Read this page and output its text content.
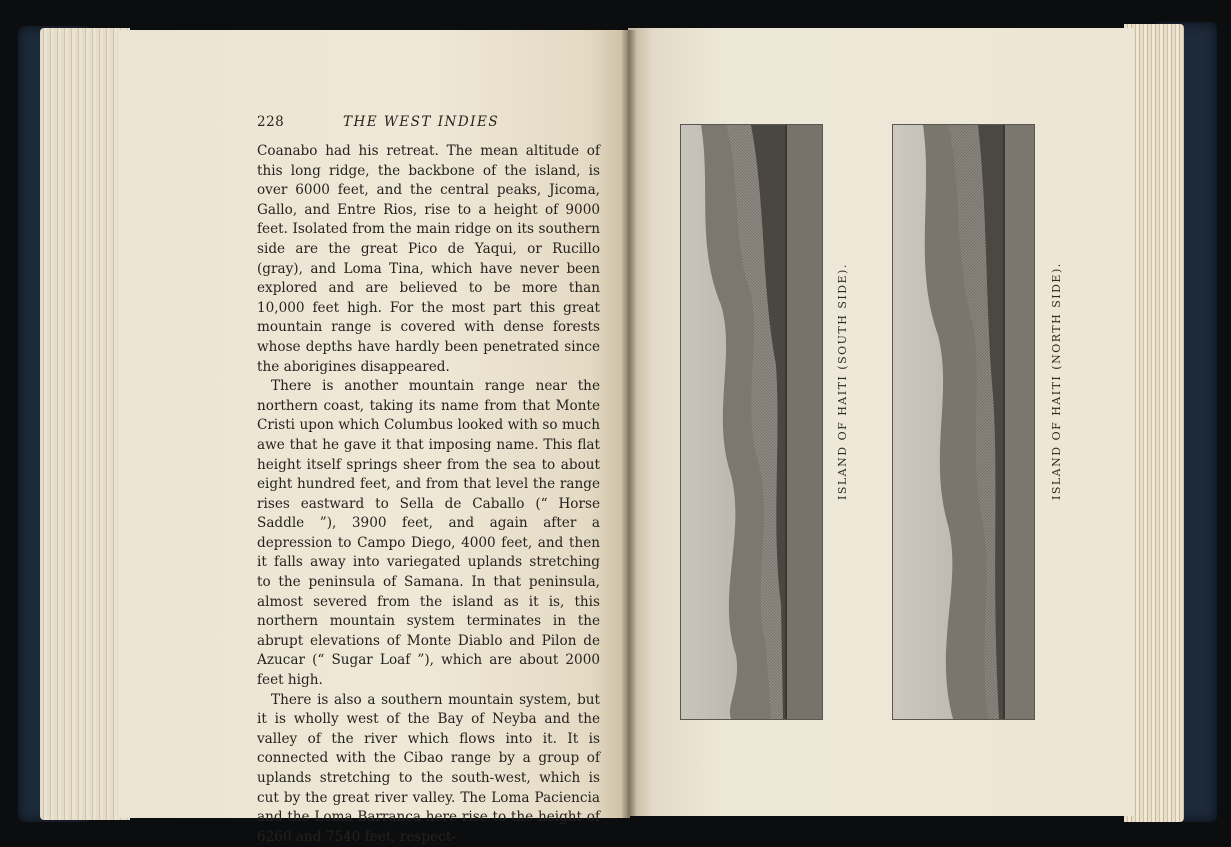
228	THE WEST INDIES

Coanabo had his retreat. The mean altitude of this long ridge, the backbone of the island, is over 6000 feet, and the central peaks, Jicoma, Gallo, and Entre Rios, rise to a height of 9000 feet. Isolated from the main ridge on its southern side are the great Pico de Yaqui, or Rucillo (gray), and Loma Tina, which have never been explored and are believed to be more than 10,000 feet high. For the most part this great mountain range is covered with dense forests whose depths have hardly been penetrated since the aborigines disappeared.

There is another mountain range near the northern coast, taking its name from that Monte Cristi upon which Columbus looked with so much awe that he gave it that imposing name. This flat height itself springs sheer from the sea to about eight hundred feet, and from that level the range rises eastward to Sella de Caballo (“ Horse Saddle ”), 3900 feet, and again after a depression to Campo Diego, 4000 feet, and then it falls away into variegated uplands stretching to the peninsula of Samana. In that peninsula, almost severed from the island as it is, this northern mountain system terminates in the abrupt elevations of Monte Diablo and Pilon de Azucar (“ Sugar Loaf ”), which are about 2000 feet high.

There is also a southern mountain system, but it is wholly west of the Bay of Neyba and the valley of the river which flows into it. It is connected with the Cibao range by a group of uplands stretching to the south-west, which is cut by the great river valley. The Loma Paciencia and the Loma Barranca here rise to the height of 6260 and 7540 feet, respect-

ISLAND OF HAITI (SOUTH SIDE).	ISLAND OF HAITI (NORTH SIDE).
